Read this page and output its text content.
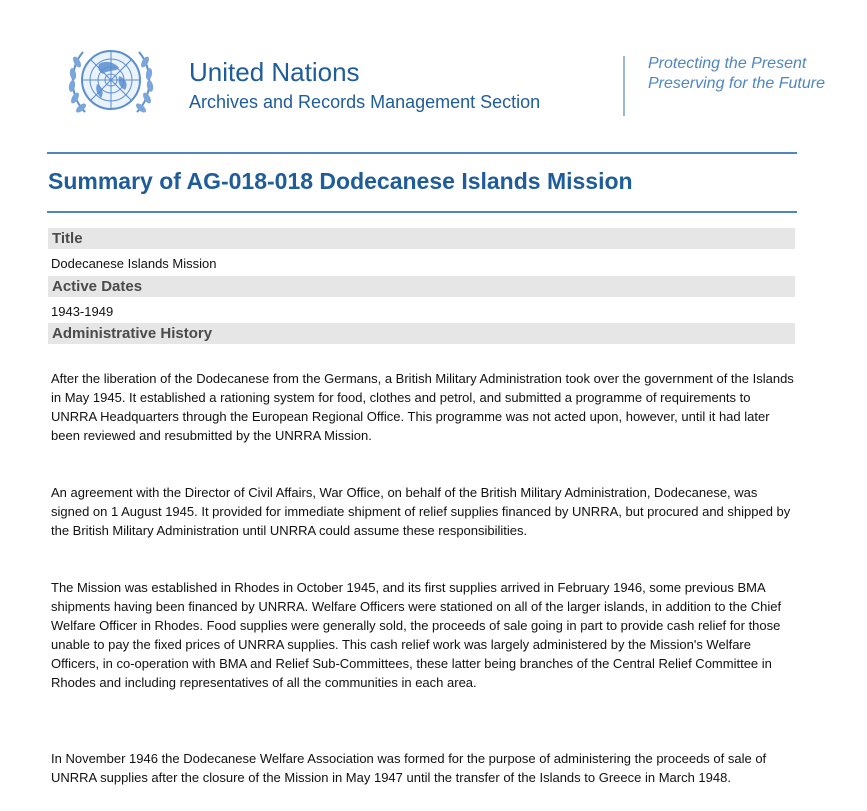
United Nations
Archives and Records Management Section
Protecting the Present
Preserving for the Future
Summary of AG-018-018 Dodecanese Islands Mission
Title
Dodecanese Islands Mission
Active Dates
1943-1949
Administrative History

After the liberation of the Dodecanese from the Germans, a British Military Administration took over the government of the Islands in May 1945. It established a rationing system for food, clothes and petrol, and submitted a programme of requirements to UNRRA Headquarters through the European Regional Office. This programme was not acted upon, however, until it had later been reviewed and resubmitted by the UNRRA Mission.

An agreement with the Director of Civil Affairs, War Office, on behalf of the British Military Administration, Dodecanese, was signed on 1 August 1945. It provided for immediate shipment of relief supplies financed by UNRRA, but procured and shipped by the British Military Administration until UNRRA could assume these responsibilities.

The Mission was established in Rhodes in October 1945, and its first supplies arrived in February 1946, some previous BMA shipments having been financed by UNRRA. Welfare Officers were stationed on all of the larger islands, in addition to the Chief Welfare Officer in Rhodes. Food supplies were generally sold, the proceeds of sale going in part to provide cash relief for those unable to pay the fixed prices of UNRRA supplies. This cash relief work was largely administered by the Mission's Welfare Officers, in co-operation with BMA and Relief Sub-Committees, these latter being branches of the Central Relief Committee in Rhodes and including representatives of all the communities in each area.

In November 1946 the Dodecanese Welfare Association was formed for the purpose of administering the proceeds of sale of UNRRA supplies after the closure of the Mission in May 1947 until the transfer of the Islands to Greece in March 1948.
